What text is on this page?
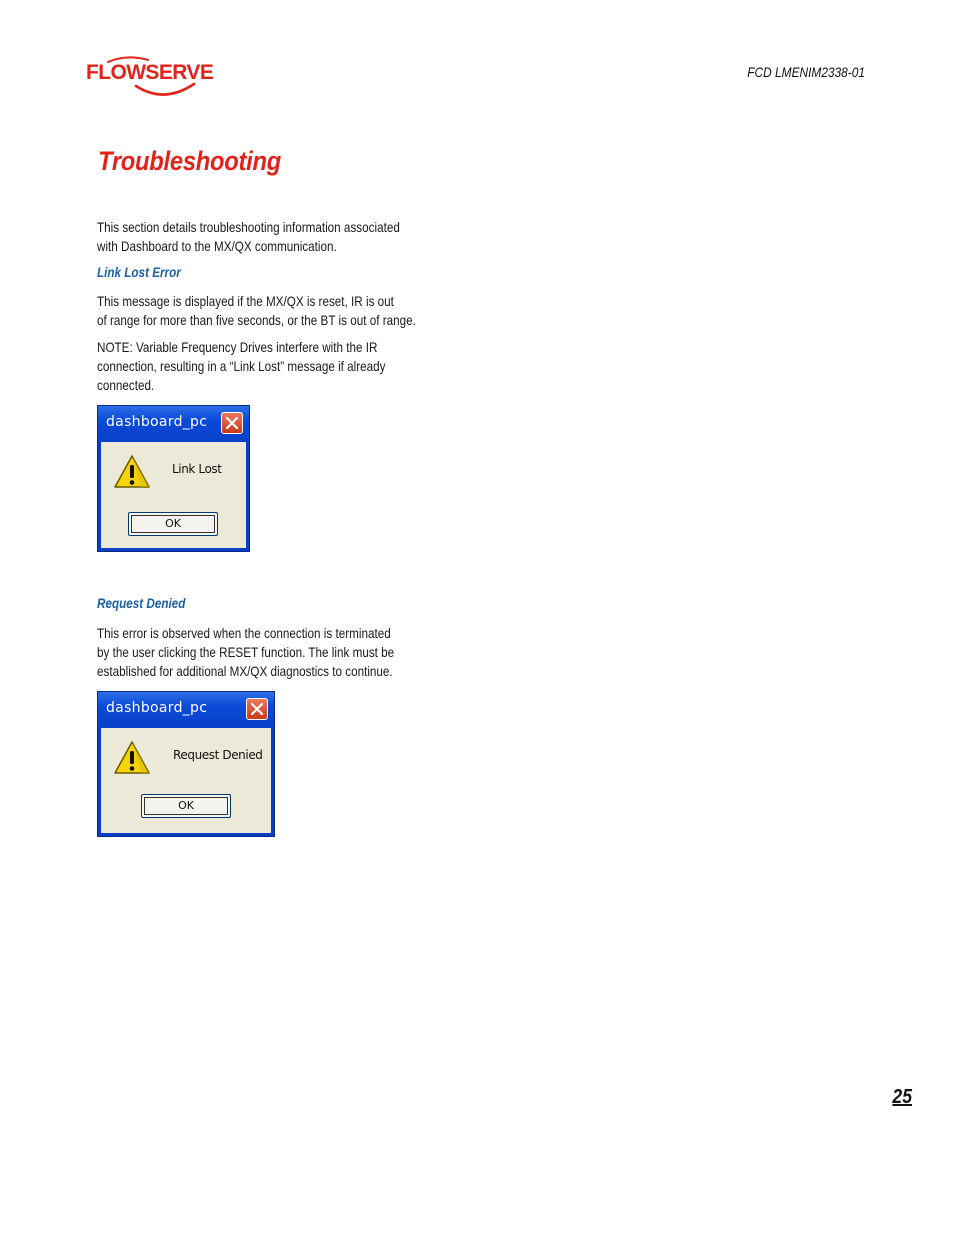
FLOWSERVE	FCD LMENIM2338-01
Troubleshooting

This section details troubleshooting information associated
with Dashboard to the MX/QX communication.

Link Lost Error

This message is displayed if the MX/QX is reset, IR is out
of range for more than five seconds, or the BT is out of range.

NOTE: Variable Frequency Drives interfere with the IR
connection, resulting in a “Link Lost” message if already
connected.

dashboard_pc
Link Lost
OK
Request Denied

This error is observed when the connection is terminated
by the user clicking the RESET function. The link must be
established for additional MX/QX diagnostics to continue.

dashboard_pc
Request Denied
OK
25
